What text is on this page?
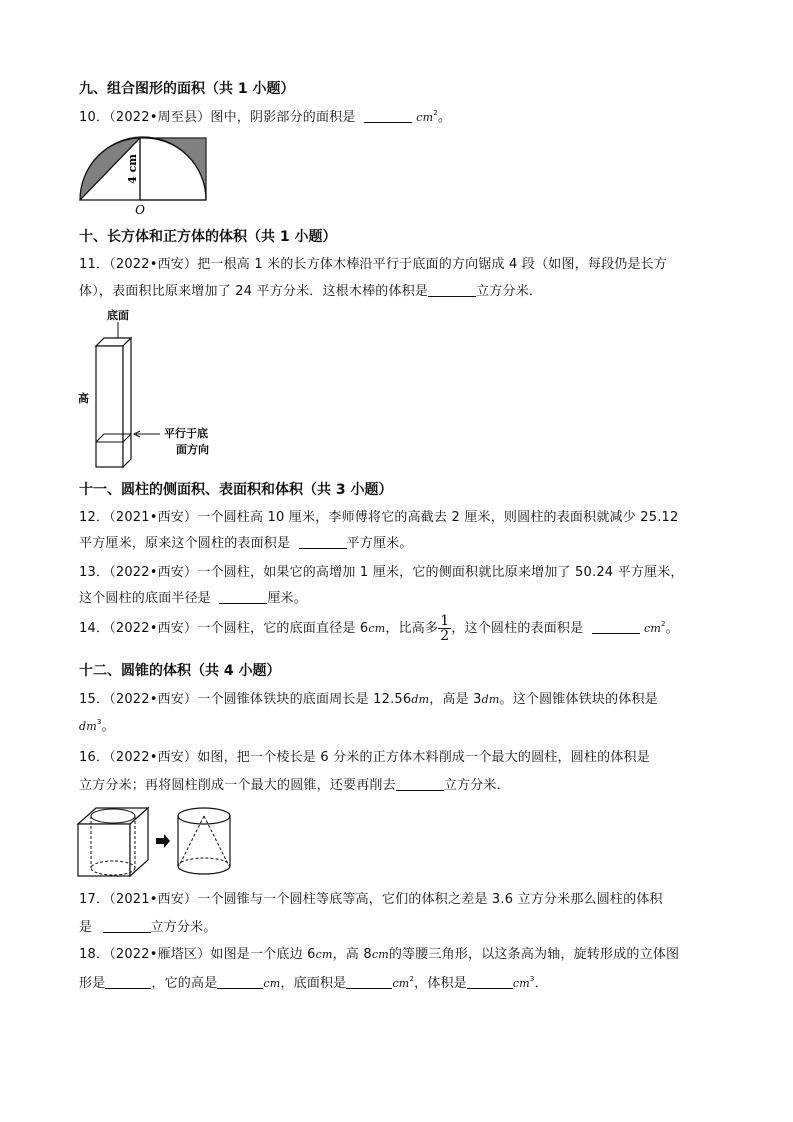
九、组合图形的面积（共 1 小题）
10．（2022•周至县）图中，阴影部分的面积是	$cm^2$。
4 cm
O
十、长方体和正方体的体积（共 1 小题）
11．（2022•西安）把一根高 1 米的长方体木棒沿平行于底面的方向锯成 4 段（如图，每段仍是长方
体），表面积比原来增加了 24 平方分米．这根木棒的体积是	立方分米．
底面
高
平行于底
面方向
十一、圆柱的侧面积、表面积和体积（共 3 小题）
12．（2021•西安）一个圆柱高 10 厘米，李师傅将它的高截去 2 厘米，则圆柱的表面积就减少 25.12
平方厘米，原来这个圆柱的表面积是	平方厘米。
13．（2022•西安）一个圆柱，如果它的高增加 1 厘米，它的侧面积就比原来增加了 50.24 平方厘米，
这个圆柱的底面半径是	厘米。
14．（2022•西安）一个圆柱，它的底面直径是 6cm，比高多 $\frac{1}{2}$ ，这个圆柱的表面积是	$cm^2$。
十二、圆锥的体积（共 4 小题）
15．（2022•西安）一个圆锥体铁块的底面周长是 12.56dm，高是 3dm。这个圆锥体铁块的体积是
$dm^3$。
16．（2022•西安）如图，把一个棱长是 6 分米的正方体木料削成一个最大的圆柱，圆柱的体积是
立方分米；再将圆柱削成一个最大的圆锥，还要再削去	立方分米．
17．（2021•西安）一个圆锥与一个圆柱等底等高，它们的体积之差是 3.6 立方分米那么圆柱的体积
是	立方分米。
18．（2022•雁塔区）如图是一个底边 6cm，高 8cm的等腰三角形，以这条高为轴，旋转形成的立体图
形是	，它的高是	cm，底面积是	$cm^2$，体积是	$cm^3$．
